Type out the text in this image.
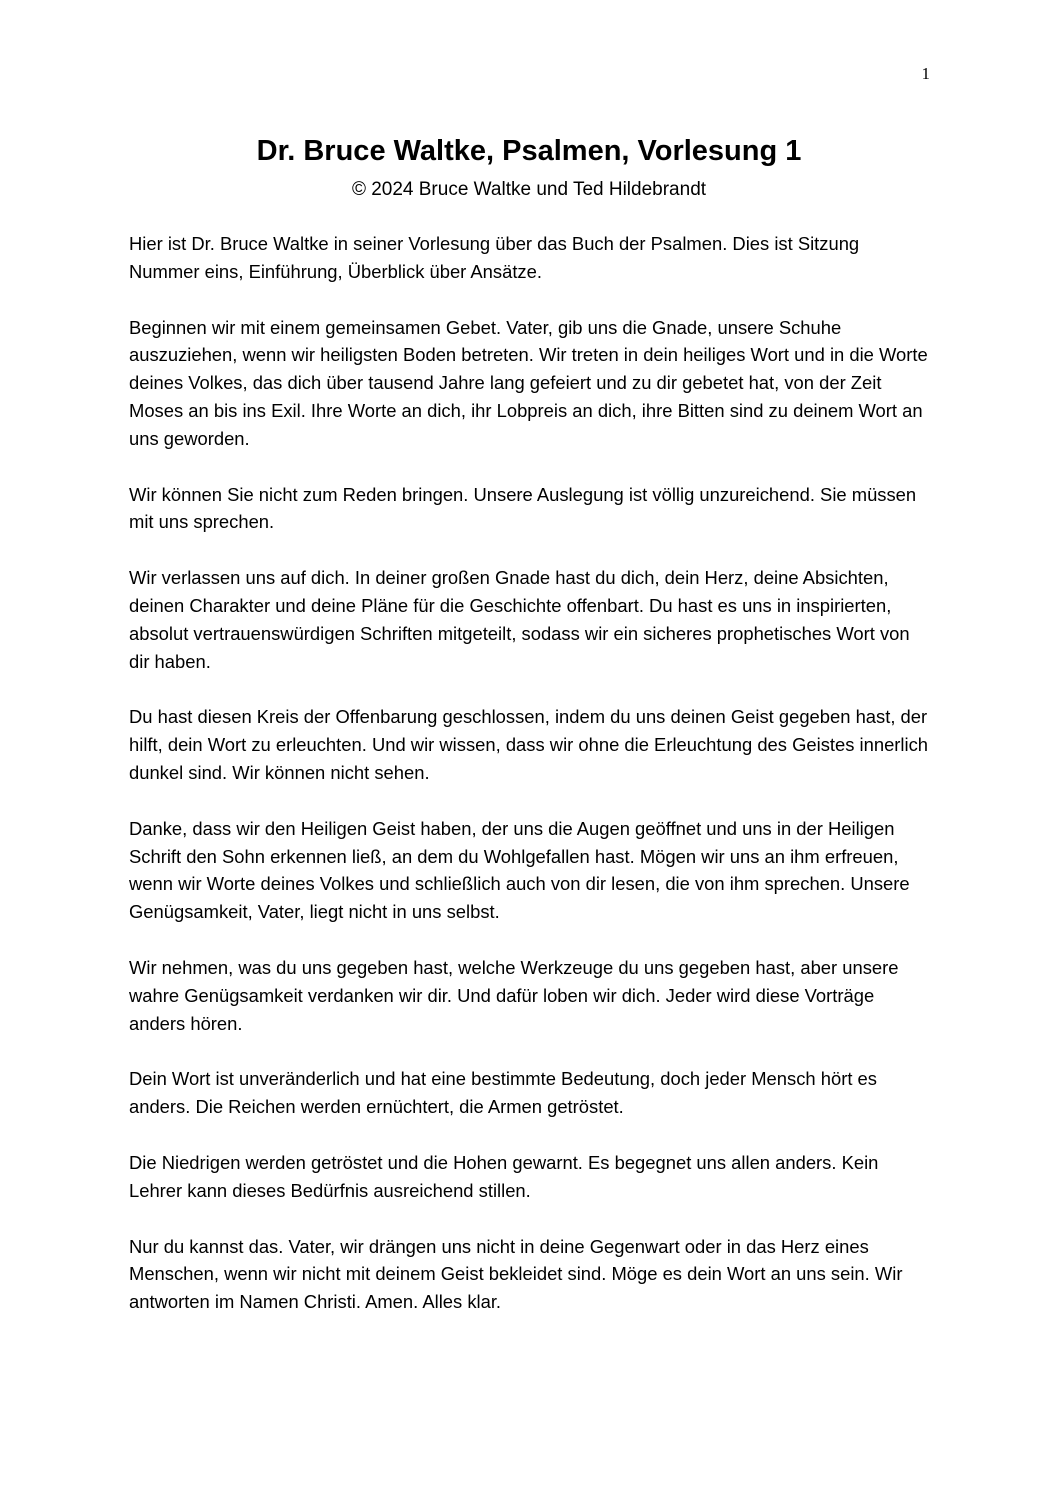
1
Dr. Bruce Waltke, Psalmen, Vorlesung 1
© 2024 Bruce Waltke und Ted Hildebrandt

Hier ist Dr. Bruce Waltke in seiner Vorlesung über das Buch der Psalmen. Dies ist Sitzung Nummer eins, Einführung, Überblick über Ansätze.

Beginnen wir mit einem gemeinsamen Gebet. Vater, gib uns die Gnade, unsere Schuhe auszuziehen, wenn wir heiligsten Boden betreten. Wir treten in dein heiliges Wort und in die Worte deines Volkes, das dich über tausend Jahre lang gefeiert und zu dir gebetet hat, von der Zeit Moses an bis ins Exil. Ihre Worte an dich, ihr Lobpreis an dich, ihre Bitten sind zu deinem Wort an uns geworden.

Wir können Sie nicht zum Reden bringen. Unsere Auslegung ist völlig unzureichend. Sie müssen mit uns sprechen.

Wir verlassen uns auf dich. In deiner großen Gnade hast du dich, dein Herz, deine Absichten, deinen Charakter und deine Pläne für die Geschichte offenbart. Du hast es uns in inspirierten, absolut vertrauenswürdigen Schriften mitgeteilt, sodass wir ein sicheres prophetisches Wort von dir haben.

Du hast diesen Kreis der Offenbarung geschlossen, indem du uns deinen Geist gegeben hast, der hilft, dein Wort zu erleuchten. Und wir wissen, dass wir ohne die Erleuchtung des Geistes innerlich dunkel sind. Wir können nicht sehen.

Danke, dass wir den Heiligen Geist haben, der uns die Augen geöffnet und uns in der Heiligen Schrift den Sohn erkennen ließ, an dem du Wohlgefallen hast. Mögen wir uns an ihm erfreuen, wenn wir Worte deines Volkes und schließlich auch von dir lesen, die von ihm sprechen. Unsere Genügsamkeit, Vater, liegt nicht in uns selbst.

Wir nehmen, was du uns gegeben hast, welche Werkzeuge du uns gegeben hast, aber unsere wahre Genügsamkeit verdanken wir dir. Und dafür loben wir dich. Jeder wird diese Vorträge anders hören.

Dein Wort ist unveränderlich und hat eine bestimmte Bedeutung, doch jeder Mensch hört es anders. Die Reichen werden ernüchtert, die Armen getröstet.

Die Niedrigen werden getröstet und die Hohen gewarnt. Es begegnet uns allen anders. Kein Lehrer kann dieses Bedürfnis ausreichend stillen.

Nur du kannst das. Vater, wir drängen uns nicht in deine Gegenwart oder in das Herz eines Menschen, wenn wir nicht mit deinem Geist bekleidet sind. Möge es dein Wort an uns sein. Wir antworten im Namen Christi. Amen. Alles klar.
